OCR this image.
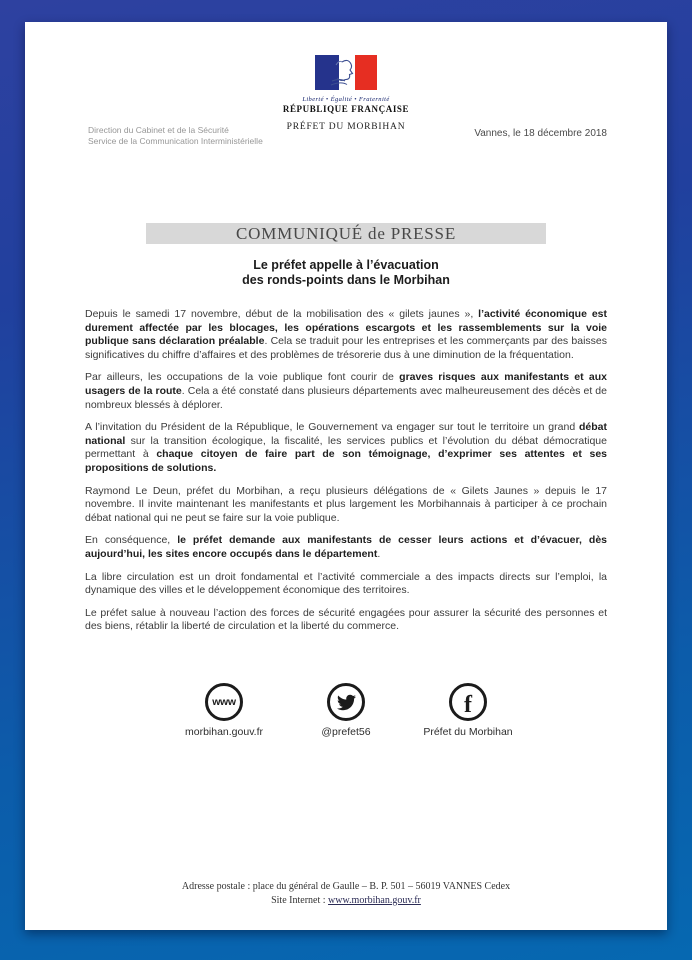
Liberté • Égalité • Fraternité
RÉPUBLIQUE FRANÇAISE
PRÉFET DU MORBIHAN
Direction du Cabinet et de la Sécurité
Service de la Communication Interministérielle
Vannes, le 18 décembre 2018
COMMUNIQUÉ de PRESSE
Le préfet appelle à l’évacuation
des ronds-points dans le Morbihan

Depuis le samedi 17 novembre, début de la mobilisation des « gilets jaunes », l’activité économique est durement affectée par les blocages, les opérations escargots et les rassemblements sur la voie publique sans déclaration préalable. Cela se traduit pour les entreprises et les commerçants par des baisses significatives du chiffre d’affaires et des problèmes de trésorerie dus à une diminution de la fréquentation.

Par ailleurs, les occupations de la voie publique font courir de graves risques aux manifestants et aux usagers de la route. Cela a été constaté dans plusieurs départements avec malheureusement des décès et de nombreux blessés à déplorer.

A l’invitation du Président de la République, le Gouvernement va engager sur tout le territoire un grand débat national sur la transition écologique, la fiscalité, les services publics et l’évolution du débat démocratique permettant à chaque citoyen de faire part de son témoignage, d’exprimer ses attentes et ses propositions de solutions.

Raymond Le Deun, préfet du Morbihan, a reçu plusieurs délégations de « Gilets Jaunes » depuis le 17 novembre. Il invite maintenant les manifestants et plus largement les Morbihannais à participer à ce prochain débat national qui ne peut se faire sur la voie publique.

En conséquence, le préfet demande aux manifestants de cesser leurs actions et d’évacuer, dès aujourd’hui, les sites encore occupés dans le département.

La libre circulation est un droit fondamental et l’activité commerciale a des impacts directs sur l’emploi, la dynamique des villes et le développement économique des territoires.

Le préfet salue à nouveau l’action des forces de sécurité engagées pour assurer la sécurité des personnes et des biens, rétablir la liberté de circulation et la liberté du commerce.

www
morbihan.gouv.fr	@prefet56
f
Préfet du Morbihan
Adresse postale : place du général de Gaulle – B. P. 501 – 56019 VANNES Cedex
Site Internet : www.morbihan.gouv.fr
